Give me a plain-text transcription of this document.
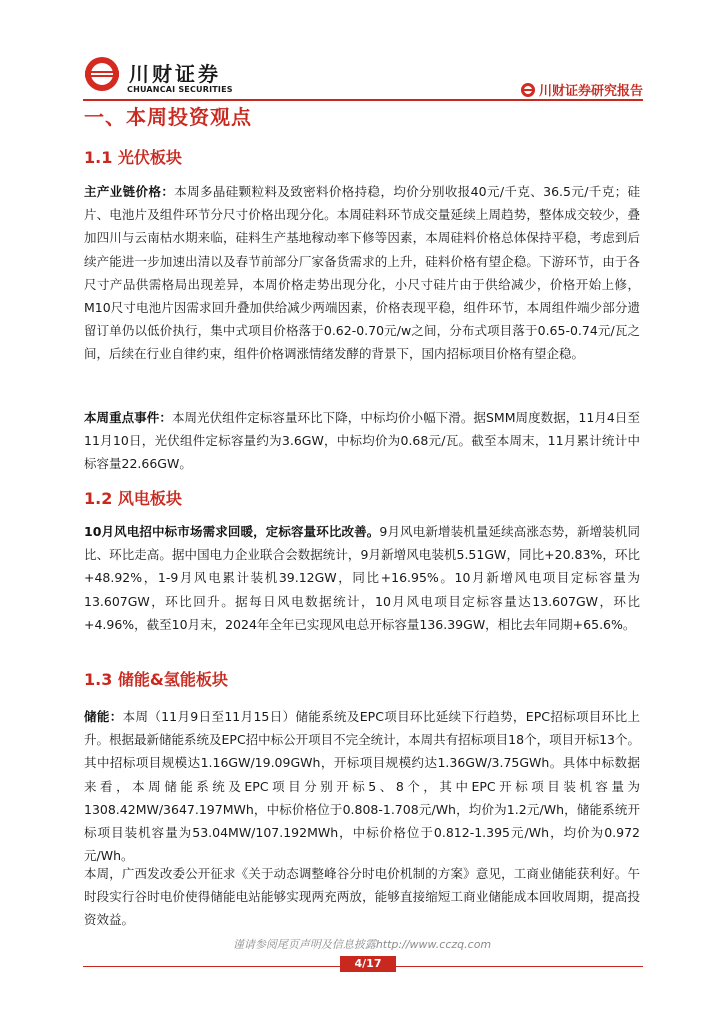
川财证券
CHUANCAI SECURITIES	川财证券研究报告
一、本周投资观点
1.1 光伏板块
主产业链价格：本周多晶硅颗粒料及致密料价格持稳，均价分别收报40元/千克、36.5元/千克；硅片、电池片及组件环节分尺寸价格出现分化。本周硅料环节成交量延续上周趋势，整体成交较少，叠加四川与云南枯水期来临，硅料生产基地稼动率下修等因素，本周硅料价格总体保持平稳，考虑到后续产能进一步加速出清以及春节前部分厂家备货需求的上升，硅料价格有望企稳。下游环节，由于各尺寸产品供需格局出现差异，本周价格走势出现分化，小尺寸硅片由于供给减少，价格开始上修，M10尺寸电池片因需求回升叠加供给减少两端因素，价格表现平稳，组件环节，本周组件端少部分遗留订单仍以低价执行，集中式项目价格落于0.62-0.70元/w之间，分布式项目落于0.65-0.74元/瓦之间，后续在行业自律约束，组件价格调涨情绪发酵的背景下，国内招标项目价格有望企稳。
本周重点事件：本周光伏组件定标容量环比下降，中标均价小幅下滑。据SMM周度数据，11月4日至11月10日，光伏组件定标容量约为3.6GW，中标均价为0.68元/瓦。截至本周末，11月累计统计中标容量22.66GW。
1.2 风电板块
10月风电招中标市场需求回暖，定标容量环比改善。9月风电新增装机量延续高涨态势，新增装机同比、环比走高。据中国电力企业联合会数据统计，9月新增风电装机5.51GW，同比+20.83%，环比+48.92%，1-9月风电累计装机39.12GW，同比+16.95%。10月新增风电项目定标容量为13.607GW，环比回升。据每日风电数据统计，10月风电项目定标容量达13.607GW，环比+4.96%，截至10月末，2024年全年已实现风电总开标容量136.39GW，相比去年同期+65.6%。
1.3 储能&氢能板块
储能：本周（11月9日至11月15日）储能系统及EPC项目环比延续下行趋势，EPC招标项目环比上升。根据最新储能系统及EPC招中标公开项目不完全统计，本周共有招标项目18个，项目开标13个。其中招标项目规模达1.16GW/19.09GWh，开标项目规模约达1.36GW/3.75GWh。具体中标数据来看，本周储能系统及EPC项目分别开标5、8个，其中EPC开标项目装机容量为1308.42MW/3647.197MWh，中标价格位于0.808-1.708元/Wh，均价为1.2元/Wh，储能系统开标项目装机容量为53.04MW/107.192MWh，中标价格位于0.812-1.395元/Wh，均价为0.972元/Wh。
本周，广西发改委公开征求《关于动态调整峰谷分时电价机制的方案》意见，工商业储能获利好。午时段实行谷时电价使得储能电站能够实现两充两放，能够直接缩短工商业储能成本回收周期，提高投资效益。
谨请参阅尾页声明及信息披露http://www.cczq.com
4/17
